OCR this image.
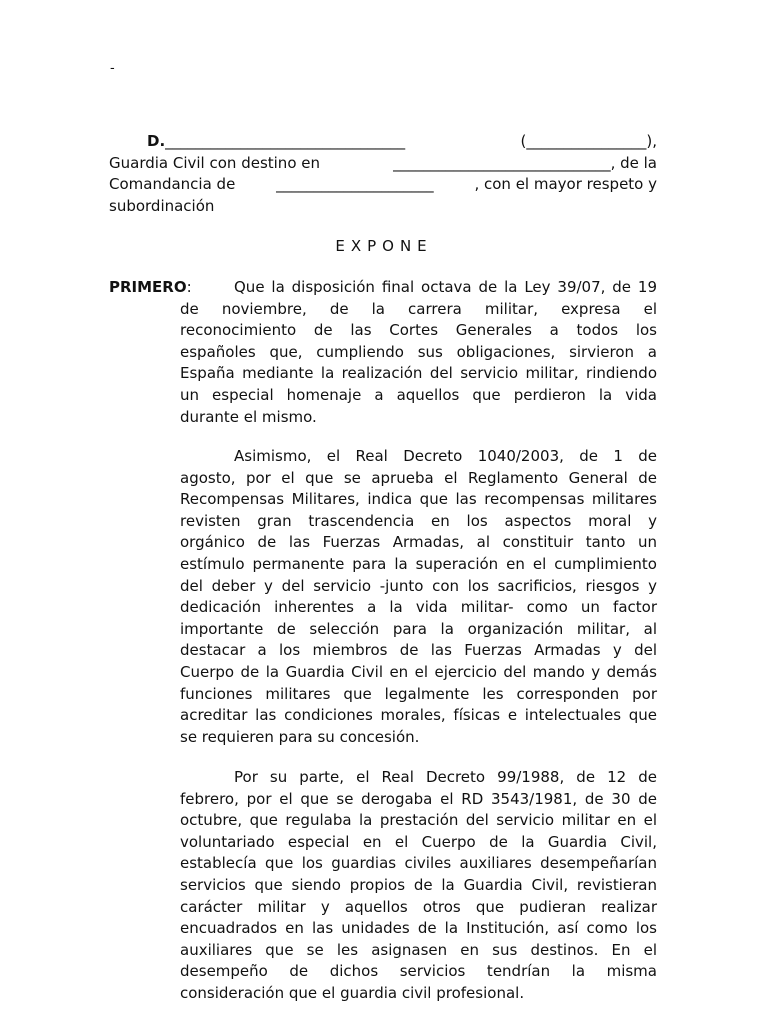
-
D.________________________________	(________________),
Guardia Civil con destino en	_____________________________, de la
Comandancia de	_____________________	, con el mayor respeto y
subordinación
EXPONE
PRIMERO:	Que la disposición final octava de la Ley 39/07, de 19
de noviembre, de la carrera militar, expresa el
reconocimiento de las Cortes Generales a todos los
españoles que, cumpliendo sus obligaciones, sirvieron a
España mediante la realización del servicio militar, rindiendo
un especial homenaje a aquellos que perdieron la vida
durante el mismo.

Asimismo, el Real Decreto 1040/2003, de 1 de
agosto, por el que se aprueba el Reglamento General de
Recompensas Militares, indica que las recompensas militares
revisten gran trascendencia en los aspectos moral y
orgánico de las Fuerzas Armadas, al constituir tanto un
estímulo permanente para la superación en el cumplimiento
del deber y del servicio -junto con los sacrificios, riesgos y
dedicación inherentes a la vida militar- como un factor
importante de selección para la organización militar, al
destacar a los miembros de las Fuerzas Armadas y del
Cuerpo de la Guardia Civil en el ejercicio del mando y demás
funciones militares que legalmente les corresponden por
acreditar las condiciones morales, físicas e intelectuales que
se requieren para su concesión.

Por su parte, el Real Decreto 99/1988, de 12 de
febrero, por el que se derogaba el RD 3543/1981, de 30 de
octubre, que regulaba la prestación del servicio militar en el
voluntariado especial en el Cuerpo de la Guardia Civil,
establecía que los guardias civiles auxiliares desempeñarían
servicios que siendo propios de la Guardia Civil, revistieran
carácter militar y aquellos otros que pudieran realizar
encuadrados en las unidades de la Institución, así como los
auxiliares que se les asignasen en sus destinos. En el
desempeño de dichos servicios tendrían la misma
consideración que el guardia civil profesional.
